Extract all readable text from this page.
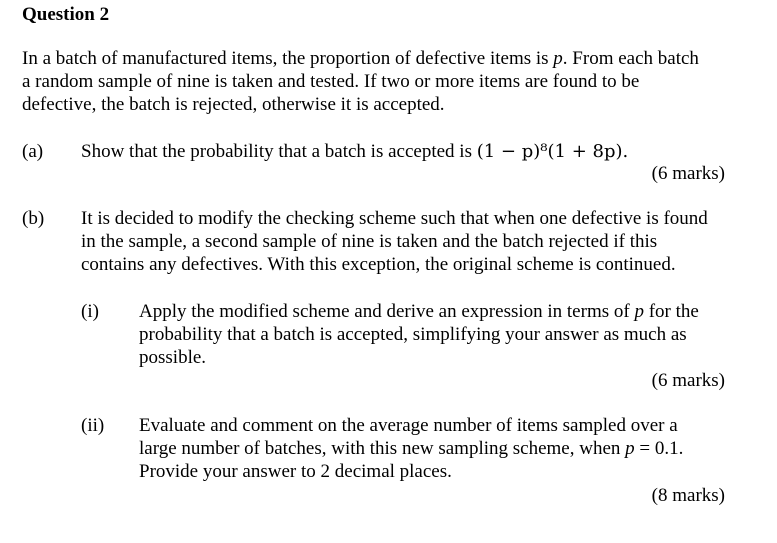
Question 2
In a batch of manufactured items, the proportion of defective items is p. From each batch
a random sample of nine is taken and tested. If two or more items are found to be
defective, the batch is rejected, otherwise it is accepted.
(a) Show that the probability that a batch is accepted is (1 − p)⁸(1 + 8p).
(6 marks)
(b) It is decided to modify the checking scheme such that when one defective is found
in the sample, a second sample of nine is taken and the batch rejected if this
contains any defectives. With this exception, the original scheme is continued.
(i) Apply the modified scheme and derive an expression in terms of p for the
probability that a batch is accepted, simplifying your answer as much as
possible.
(6 marks)
(ii) Evaluate and comment on the average number of items sampled over a
large number of batches, with this new sampling scheme, when p = 0.1.
Provide your answer to 2 decimal places.
(8 marks)
